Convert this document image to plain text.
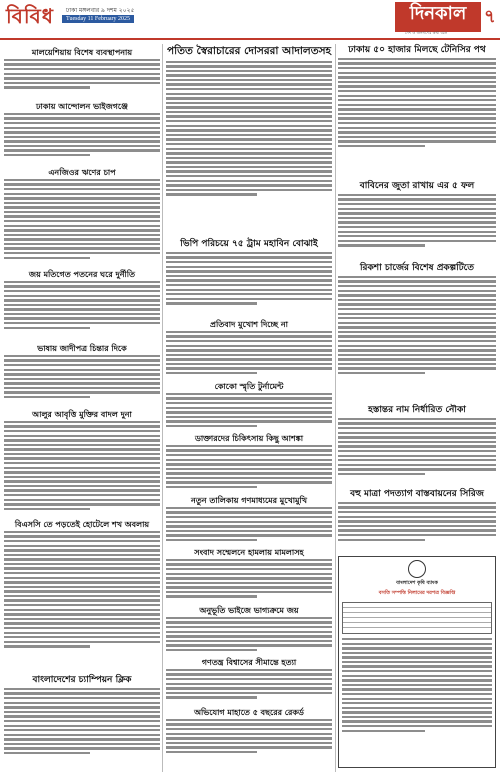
বিবিধ ঢাকা মঙ্গলবার ৯ দশম ২০২৫
Tuesday 11 February 2025	দিনকাল
দেশ ও জনগণের কথা বলে
৭
মালয়েশিয়ায় বিশেষ ব্যবস্থাপনায়
ঢাকায় আন্দোলন ভাইজগঞ্জে
এনজিওর ঋণের চাপ
জয় মতিগেত পতনের ঘরে দুর্নীতি
ভাষায় জাদীপত্র চিন্তার দিকে
আলুর আবৃত্তি মুক্তির বাদল দুনা
বিএসসি তে পড়তেই হোটেলে শখ অবলায়
বাংলাদেশের চ্যাম্পিয়ন ক্লিক
পতিত স্বৈরাচারের দোসররা আদালতসহ
ভিপি পরিচয়ে ৭৫ ট্রাম মহাবিন বোঝাই
প্রতিবাদ মুখোশ দিচ্ছে না
কোকো স্মৃতি টুর্নামেন্ট
ডাক্তারদের চিকিৎসায় কিছু আশঙ্কা
নতুন তালিকায় গণমাধ্যমের মুখোমুখি
সংবাদ সম্মেলনে হামলায় মামলাসহ
অনুভূতি ভাইজে ভাগ্যক্রমে জয়
গণতন্ত্র বিশ্বাসের সীমান্তে হত্যা
অভিযোগ মাহাতে ৫ বছরের রেকর্ড
ঢাকায় ৫০ হাজার মিলছে টেনিসির পথ
বাবিনের জুতা রাখায় এর ৫ ফল
রিকশা চার্জের বিশেষ প্রকল্পটিতে
হস্তান্তর নাম নির্ধারিত নৌকা
বহু মাত্রা পদত্যাগ বাস্তবায়নের সিরিজ
বাংলাদেশ কৃষি ব্যাংক
বসতি সম্পত্তি নিলামের দরপত্র বিজ্ঞপ্তি
